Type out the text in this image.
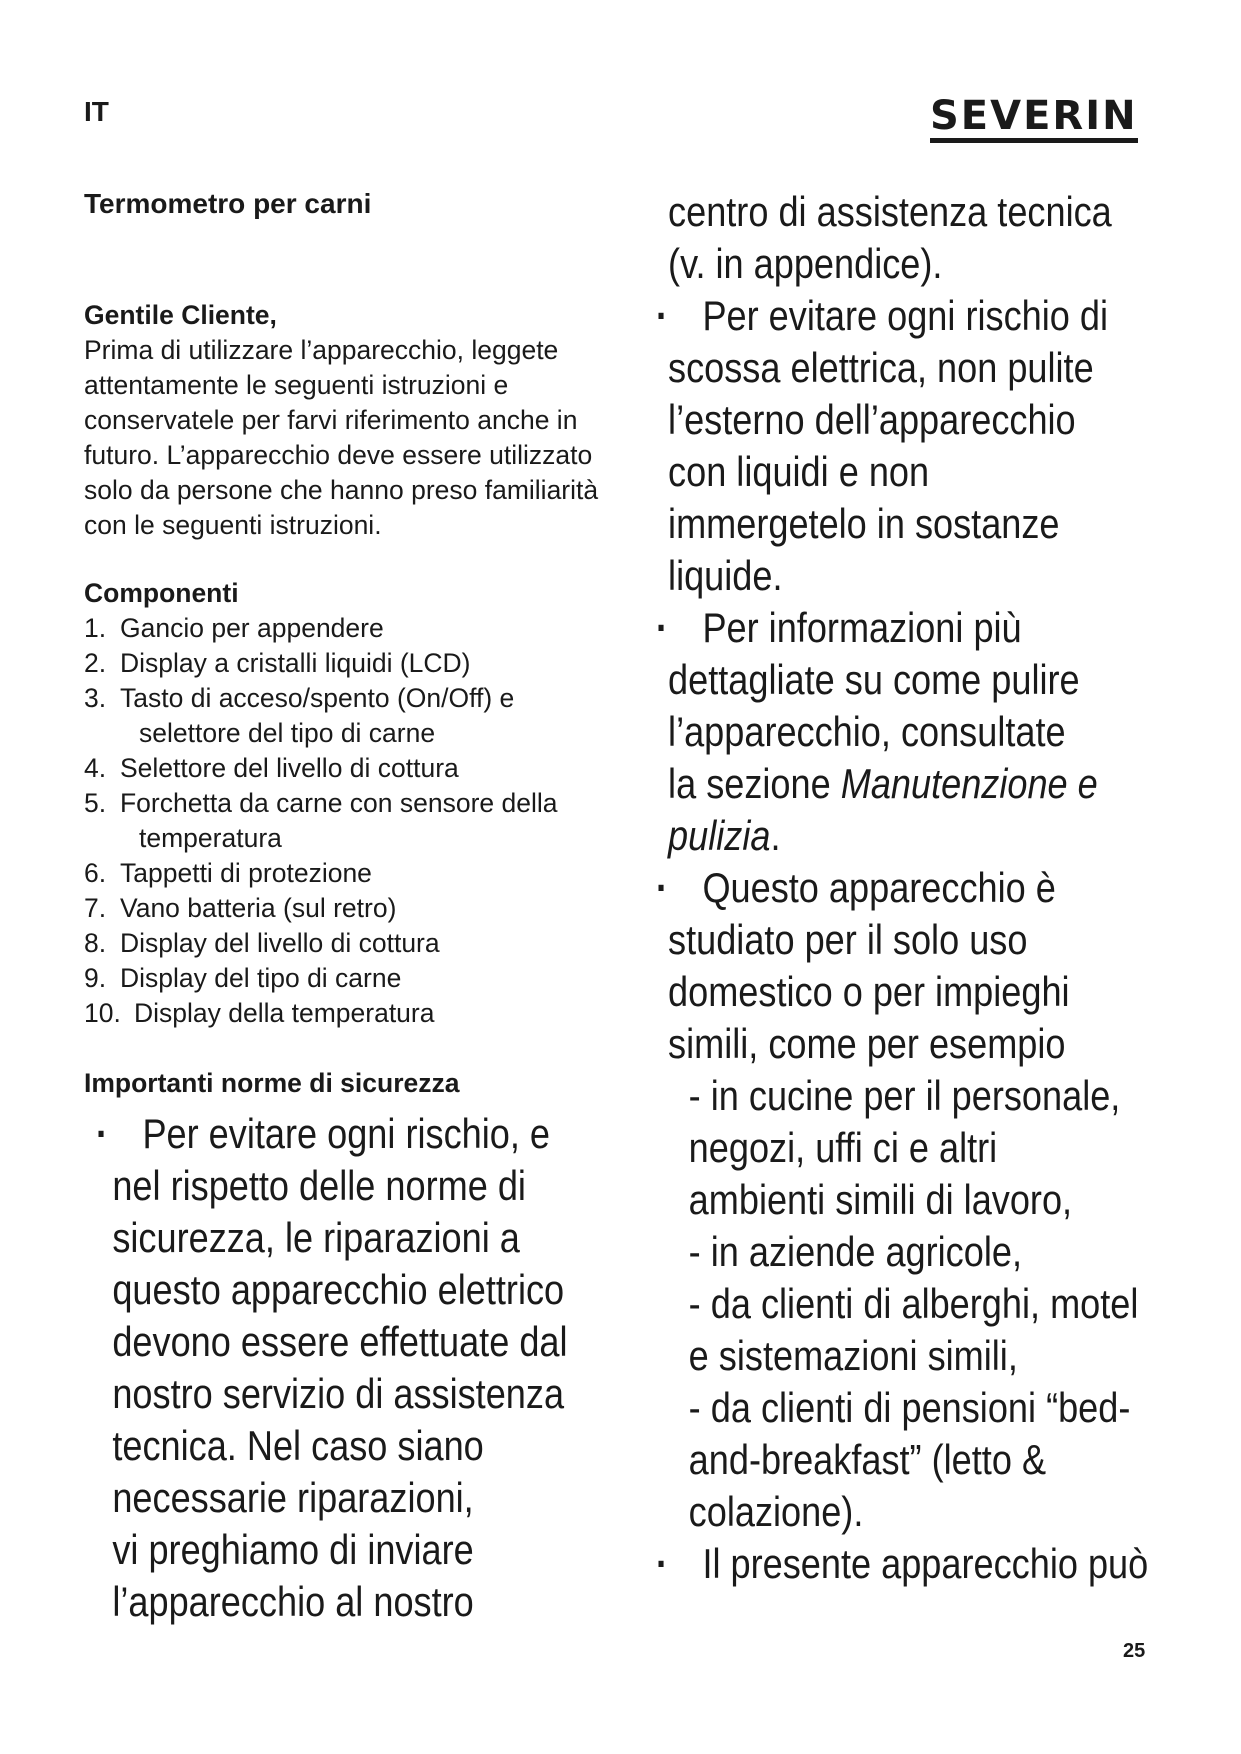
IT	SEVERIN
Termometro per carni
Gentile Cliente,
Prima di utilizzare l’apparecchio, leggete
attentamente le seguenti istruzioni e
conservatele per farvi riferimento anche in
futuro. L’apparecchio deve essere utilizzato
solo da persone che hanno preso familiarità
con le seguenti istruzioni.
Componenti
1. Gancio per appendere
2. Display a cristalli liquidi (LCD)
3. Tasto di acceso/spento (On/Off) e
selettore del tipo di carne
4. Selettore del livello di cottura
5. Forchetta da carne con sensore della
temperatura
6. Tappetti di protezione
7. Vano batteria (sul retro)
8. Display del livello di cottura
9. Display del tipo di carne
10. Display della temperatura
Importanti norme di sicurezza
· Per evitare ogni rischio, e
nel rispetto delle norme di
sicurezza, le riparazioni a
questo apparecchio elettrico
devono essere effettuate dal
nostro servizio di assistenza
tecnica. Nel caso siano
necessarie riparazioni,
vi preghiamo di inviare
l’apparecchio al nostro
centro di assistenza tecnica
(v. in appendice).
· Per evitare ogni rischio di
scossa elettrica, non pulite
l’esterno dell’apparecchio
con liquidi e non
immergetelo in sostanze
liquide.
· Per informazioni più
dettagliate su come pulire
l’apparecchio, consultate
la sezione Manutenzione e
pulizia.
· Questo apparecchio è
studiato per il solo uso
domestico o per impieghi
simili, come per esempio
- in cucine per il personale,
negozi, uffi ci e altri
ambienti simili di lavoro,
- in aziende agricole,
- da clienti di alberghi, motel
e sistemazioni simili,
- da clienti di pensioni “bed-
and-breakfast” (letto &
colazione).
· Il presente apparecchio può
25
